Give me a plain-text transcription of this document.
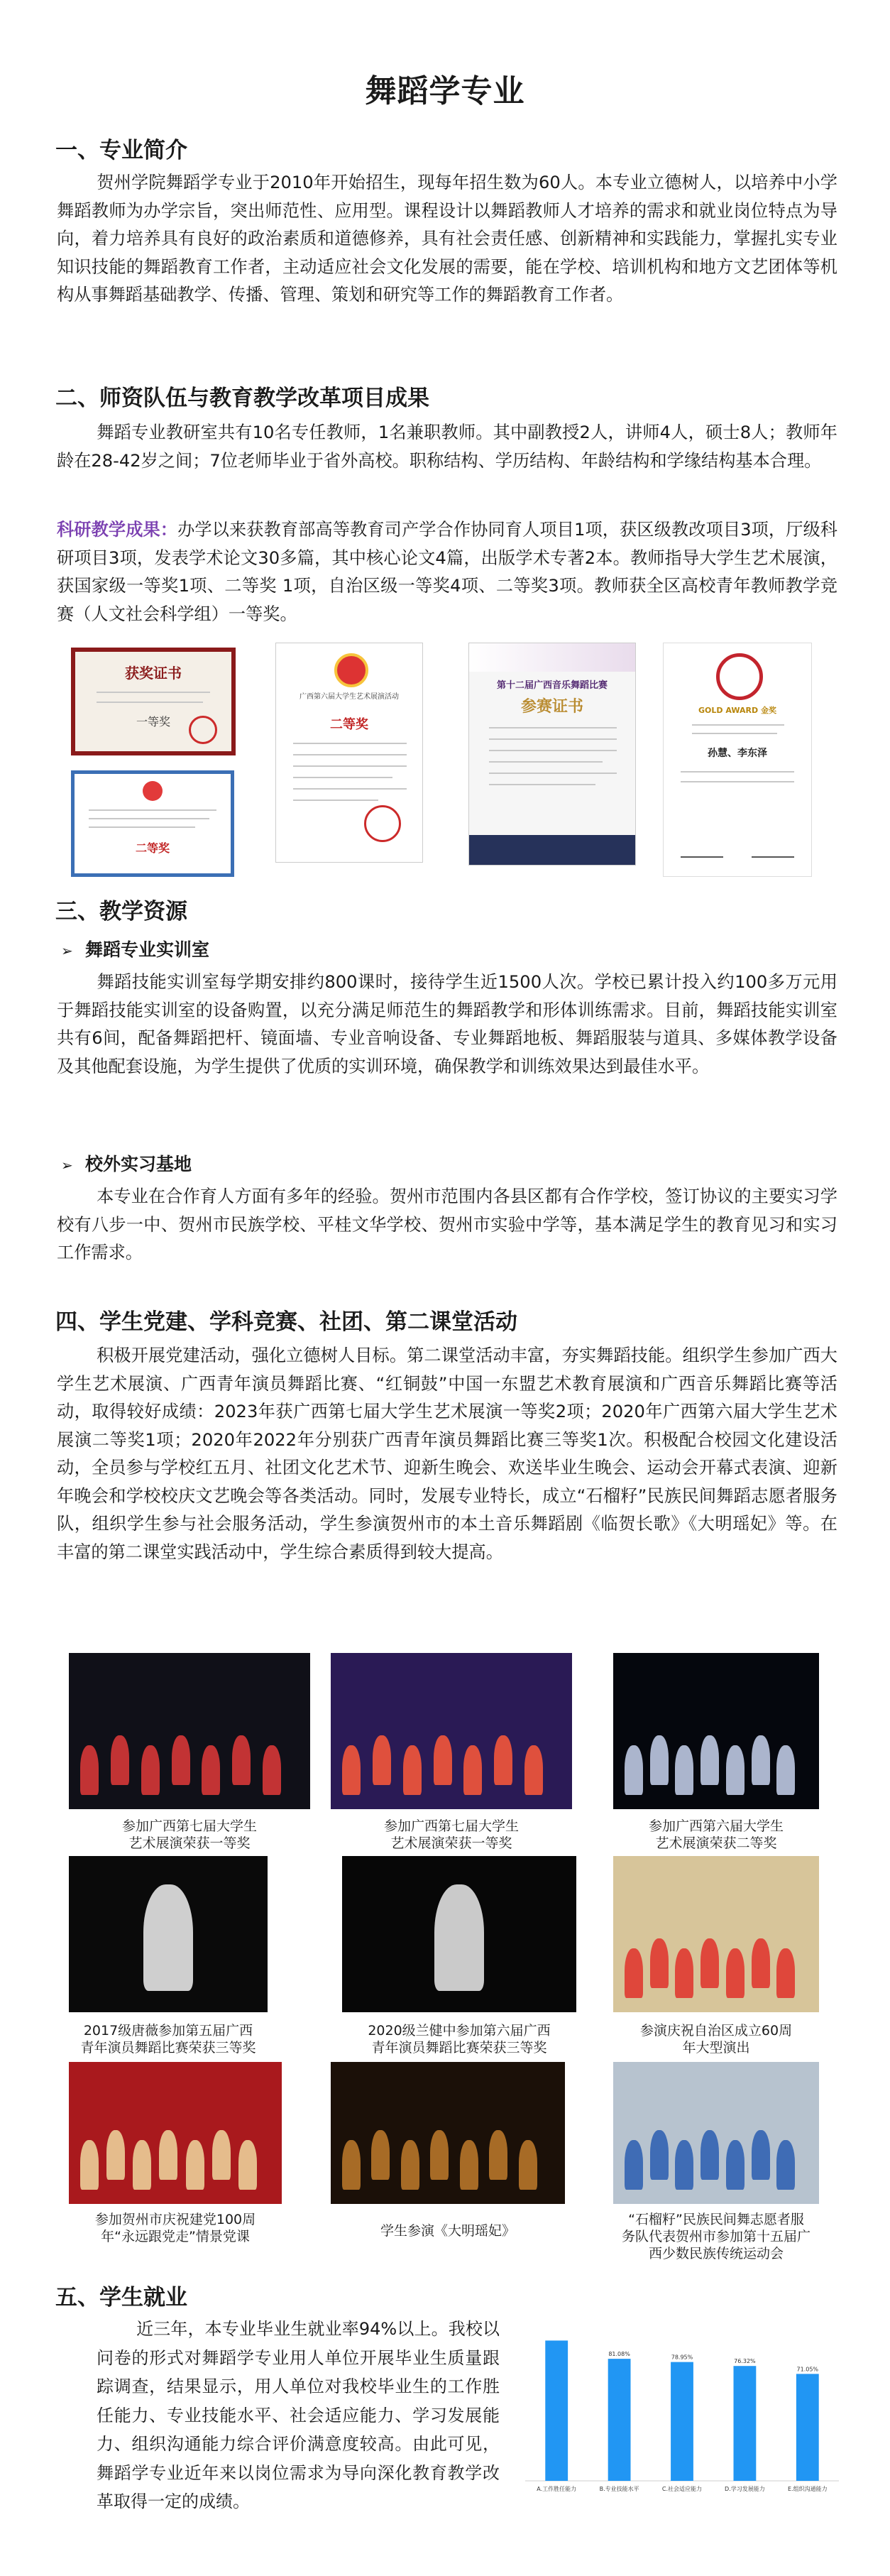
舞蹈学专业
一、专业简介

贺州学院舞蹈学专业于2010年开始招生，现每年招生数为60人。本专业立德树人，以培养中小学舞蹈教师为办学宗旨，突出师范性、应用型。课程设计以舞蹈教师人才培养的需求和就业岗位特点为导向，着力培养具有良好的政治素质和道德修养，具有社会责任感、创新精神和实践能力，掌握扎实专业知识技能的舞蹈教育工作者，主动适应社会文化发展的需要，能在学校、培训机构和地方文艺团体等机构从事舞蹈基础教学、传播、管理、策划和研究等工作的舞蹈教育工作者。

二、师资队伍与教育教学改革项目成果

舞蹈专业教研室共有10名专任教师，1名兼职教师。其中副教授2人，讲师4人，硕士8人；教师年龄在28-42岁之间；7位老师毕业于省外高校。职称结构、学历结构、年龄结构和学缘结构基本合理。

科研教学成果：办学以来获教育部高等教育司产学合作协同育人项目1项，获区级教改项目3项，厅级科研项目3项，发表学术论文30多篇，其中核心论文4篇，出版学术专著2本。教师指导大学生艺术展演，获国家级一等奖1项、二等奖 1项，自治区级一等奖4项、二等奖3项。教师获全区高校青年教师教学竞赛（人文社会科学组）一等奖。

获奖证书
一等奖
二等奖
广西第六届大学生艺术展演活动
二等奖
第十二届广西音乐舞蹈比赛
参赛证书	GOLD AWARD 金奖
孙慧、李东泽
三、教学资源

➢ 舞蹈专业实训室

舞蹈技能实训室每学期安排约800课时，接待学生近1500人次。学校已累计投入约100多万元用于舞蹈技能实训室的设备购置，以充分满足师范生的舞蹈教学和形体训练需求。目前，舞蹈技能实训室共有6间，配备舞蹈把杆、镜面墙、专业音响设备、专业舞蹈地板、舞蹈服装与道具、多媒体教学设备及其他配套设施，为学生提供了优质的实训环境，确保教学和训练效果达到最佳水平。

➢ 校外实习基地

本专业在合作育人方面有多年的经验。贺州市范围内各县区都有合作学校，签订协议的主要实习学校有八步一中、贺州市民族学校、平桂文华学校、贺州市实验中学等，基本满足学生的教育见习和实习工作需求。

四、学生党建、学科竞赛、社团、第二课堂活动

积极开展党建活动，强化立德树人目标。第二课堂活动丰富，夯实舞蹈技能。组织学生参加广西大学生艺术展演、广西青年演员舞蹈比赛、“红铜鼓”中国一东盟艺术教育展演和广西音乐舞蹈比赛等活动，取得较好成绩：2023年获广西第七届大学生艺术展演一等奖2项；2020年广西第六届大学生艺术展演二等奖1项；2020年2022年分别获广西青年演员舞蹈比赛三等奖1次。积极配合校园文化建设活动，全员参与学校红五月、社团文化艺术节、迎新生晚会、欢送毕业生晚会、运动会开幕式表演、迎新年晚会和学校校庆文艺晚会等各类活动。同时，发展专业特长，成立“石榴籽”民族民间舞蹈志愿者服务队，组织学生参与社会服务活动，学生参演贺州市的本土音乐舞蹈剧《临贺长歌》《大明瑶妃》等。在丰富的第二课堂实践活动中，学生综合素质得到较大提高。

参加广西第七届大学生
艺术展演荣获一等奖
参加广西第七届大学生
艺术展演荣获一等奖
参加广西第六届大学生
艺术展演荣获二等奖
2017级唐薇参加第五届广西
青年演员舞蹈比赛荣获三等奖
2020级兰健中参加第六届广西
青年演员舞蹈比赛荣获三等奖
参演庆祝自治区成立60周
年大型演出
参加贺州市庆祝建党100周
年“永远跟党走”情景党课	学生参演《大明瑶妃》
“石榴籽”民族民间舞志愿者服
务队代表贺州市参加第十五届广
西少数民族传统运动会
五、学生就业

近三年，本专业毕业生就业率94%以上。我校以问卷的形式对舞蹈学专业用人单位开展毕业生质量跟踪调查，结果显示，用人单位对我校毕业生的工作胜任能力、专业技能水平、社会适应能力、学习发展能力、组织沟通能力综合评价满意度较高。由此可见，舞蹈学专业近年来以岗位需求为导向深化教育教学改革取得一定的成绩。

A.工作胜任能力
81.08%
B.专业技能水平
78.95%
C.社会适应能力
76.32%
D.学习发展能力
71.05%
E.组织沟通能力
